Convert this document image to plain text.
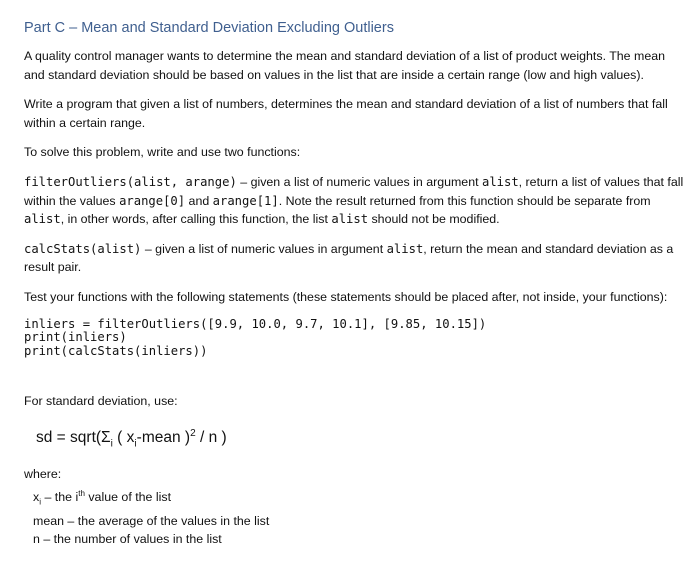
Part C – Mean and Standard Deviation Excluding Outliers

A quality control manager wants to determine the mean and standard deviation of a list of product weights. The mean and standard deviation should be based on values in the list that are inside a certain range (low and high values).

Write a program that given a list of numbers, determines the mean and standard deviation of a list of numbers that fall within a certain range.

To solve this problem, write and use two functions:

filterOutliers(alist, arange) – given a list of numeric values in argument alist, return a list of values that fall within the values arange[0] and arange[1]. Note the result returned from this function should be separate from alist, in other words, after calling this function, the list alist should not be modified.

calcStats(alist) – given a list of numeric values in argument alist, return the mean and standard deviation as a result pair.

Test your functions with the following statements (these statements should be placed after, not inside, your functions):

inliers = filterOutliers([9.9, 10.0, 9.7, 10.1], [9.85, 10.15])
print(inliers)
print(calcStats(inliers))

For standard deviation, use:

sd = $sqrt(\Sigma_i$ ( $x_i$-mean )$^2$ / n )
where:
$x_i$ – the $i^{th}$ value of the list
mean – the average of the values in the list
n – the number of values in the list
